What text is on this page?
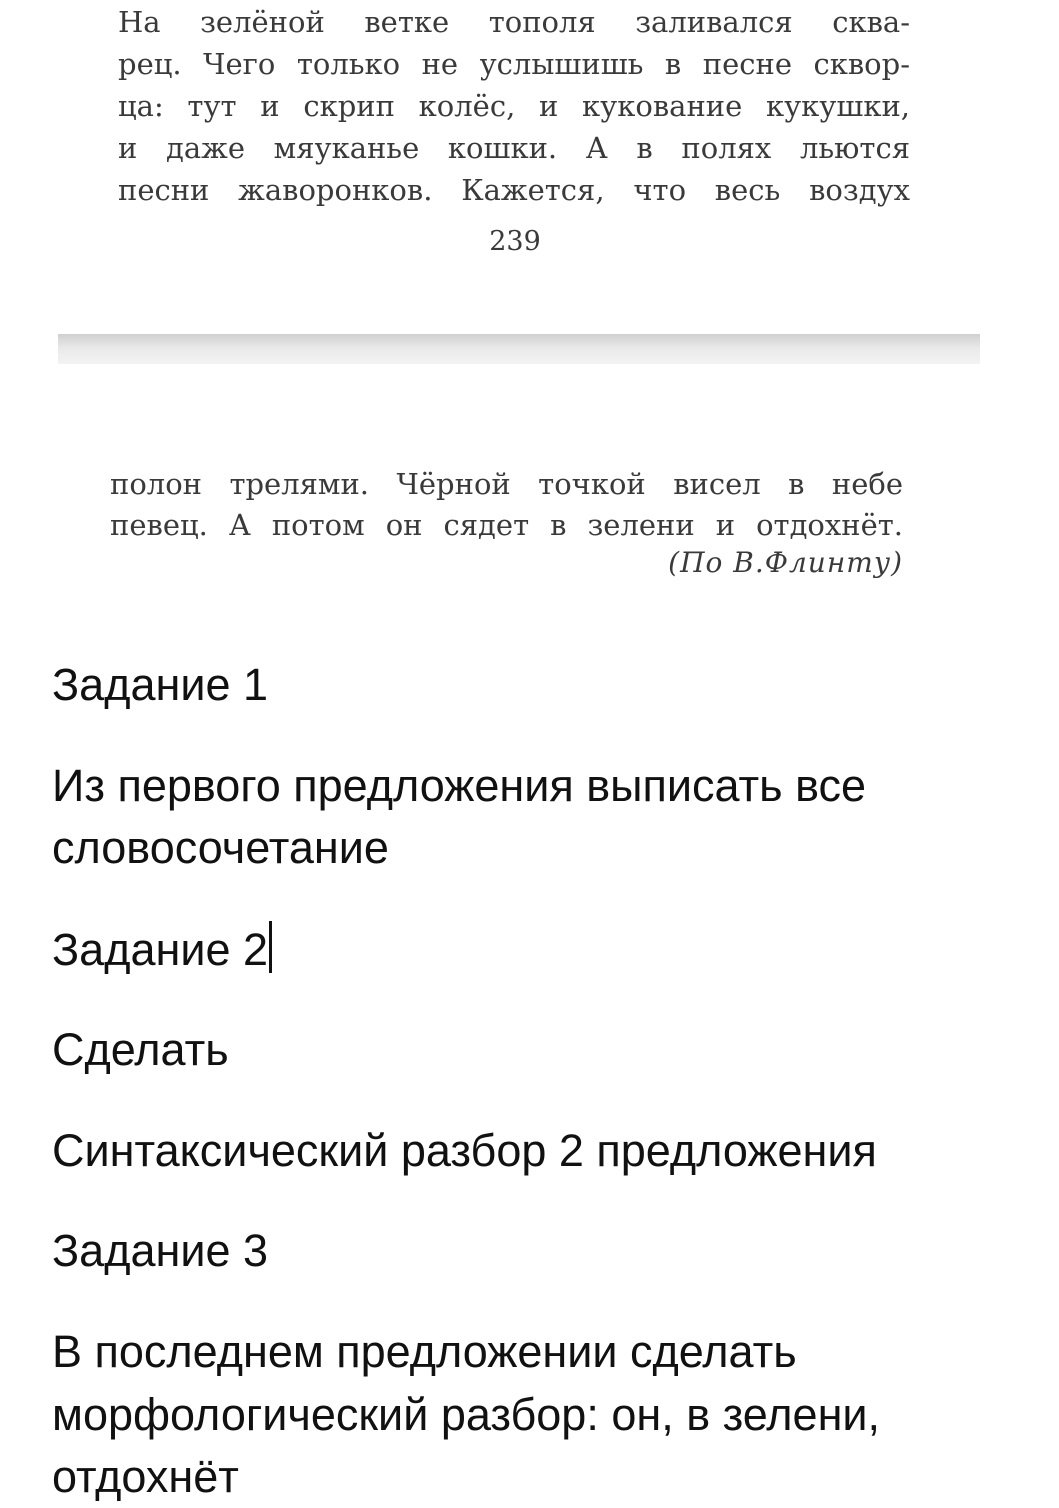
На зелёной ветке тополя заливался сква-
рец. Чего только не услышишь в песне сквор-
ца: тут и скрип колёс, и кукование кукушки,
и даже мяуканье кошки. А в полях льются
песни жаворонков. Кажется, что весь воздух
239
полон трелями. Чёрной точкой висел в небе
певец. А потом он сядет в зелени и отдохнёт.
(По В.Флинту)
Задание 1
Из первого предложения выписать все
словосочетание
Задание 2
Сделать
Синтаксический разбор 2 предложения
Задание 3
В последнем предложении сделать
морфологический разбор: он, в зелени,
отдохнёт
